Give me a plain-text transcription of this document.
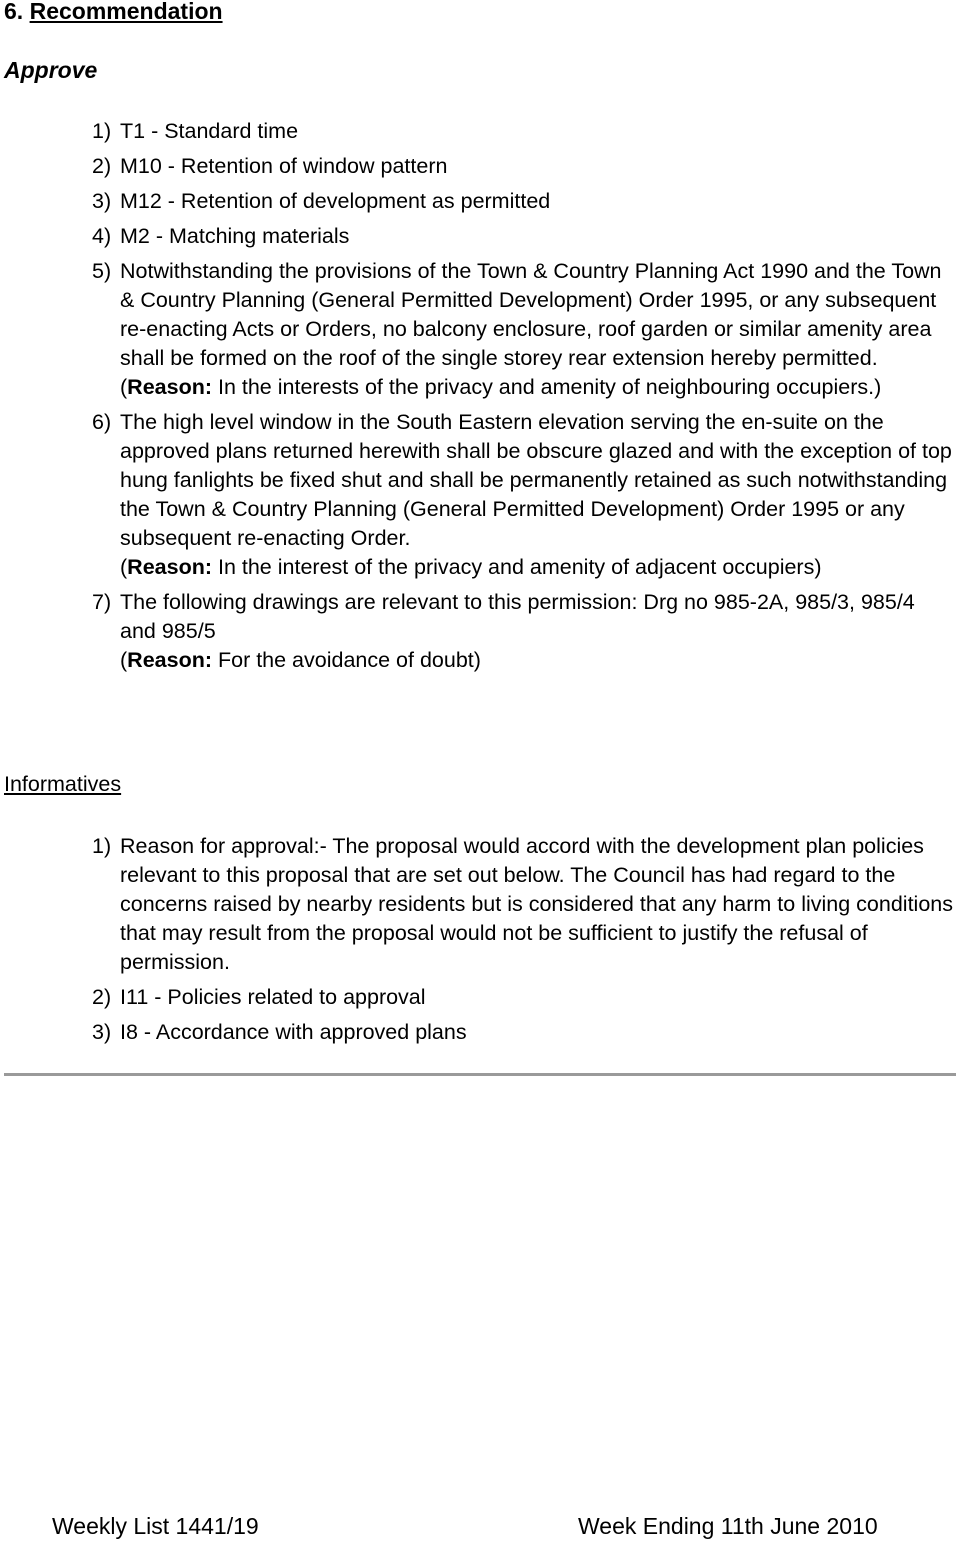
6. Recommendation

Approve

1) T1 - Standard time
2) M10 - Retention of window pattern
3) M12 - Retention of development as permitted
4) M2 - Matching materials
5) Notwithstanding the provisions of the Town & Country Planning Act 1990 and the Town & Country Planning (General Permitted Development) Order 1995, or any subsequent re-enacting Acts or Orders, no balcony enclosure, roof garden or similar amenity area shall be formed on the roof of the single storey rear extension hereby permitted.
(Reason: In the interests of the privacy and amenity of neighbouring occupiers.)
6) The high level window in the South Eastern elevation serving the en-suite on the approved plans returned herewith shall be obscure glazed and with the exception of top hung fanlights be fixed shut and shall be permanently retained as such notwithstanding the Town & Country Planning (General Permitted Development) Order 1995 or any subsequent re-enacting Order.
(Reason: In the interest of the privacy and amenity of adjacent occupiers)
7) The following drawings are relevant to this permission: Drg no 985-2A, 985/3, 985/4 and 985/5
(Reason: For the avoidance of doubt)
Informatives
1) Reason for approval:- The proposal would accord with the development plan policies relevant to this proposal that are set out below. The Council has had regard to the concerns raised by nearby residents but is considered that any harm to living conditions that may result from the proposal would not be sufficient to justify the refusal of permission.
2) I11 - Policies related to approval
3) I8 - Accordance with approved plans
Weekly List 1441/19	Week Ending 11th June 2010
